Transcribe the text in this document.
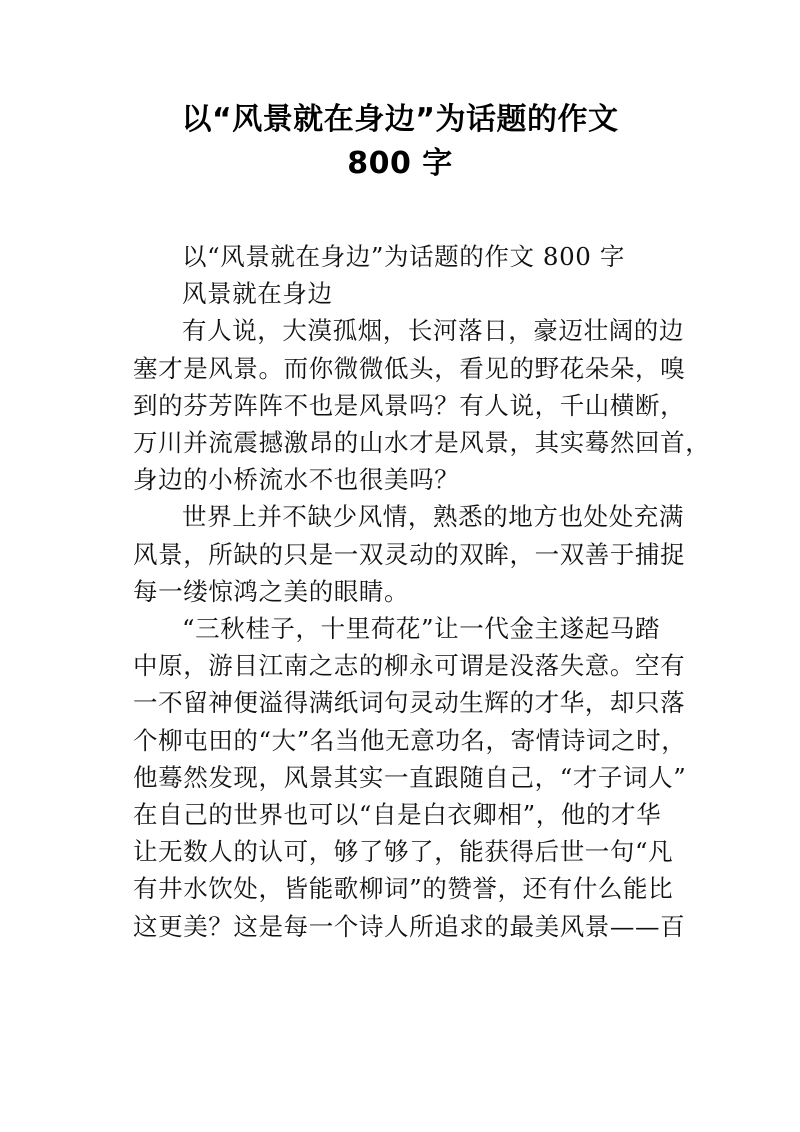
以“风景就在身边”为话题的作文
800 字
以“风景就在身边”为话题的作文 800 字
风景就在身边
有人说，大漠孤烟，长河落日，豪迈壮阔的边
塞才是风景。而你微微低头，看见的野花朵朵，嗅
到的芬芳阵阵不也是风景吗？有人说，千山横断，
万川并流震撼激昂的山水才是风景，其实蓦然回首，
身边的小桥流水不也很美吗？
世界上并不缺少风情，熟悉的地方也处处充满
风景，所缺的只是一双灵动的双眸，一双善于捕捉
每一缕惊鸿之美的眼睛。
“三秋桂子，十里荷花”让一代金主遂起马踏
中原，游目江南之志的柳永可谓是没落失意。空有
一不留神便溢得满纸词句灵动生辉的才华，却只落
个柳屯田的“大”名当他无意功名，寄情诗词之时，
他蓦然发现，风景其实一直跟随自己，“才子词人”
在自己的世界也可以“自是白衣卿相”，他的才华
让无数人的认可，够了够了，能获得后世一句“凡
有井水饮处，皆能歌柳词”的赞誉，还有什么能比
这更美？这是每一个诗人所追求的最美风景——百
